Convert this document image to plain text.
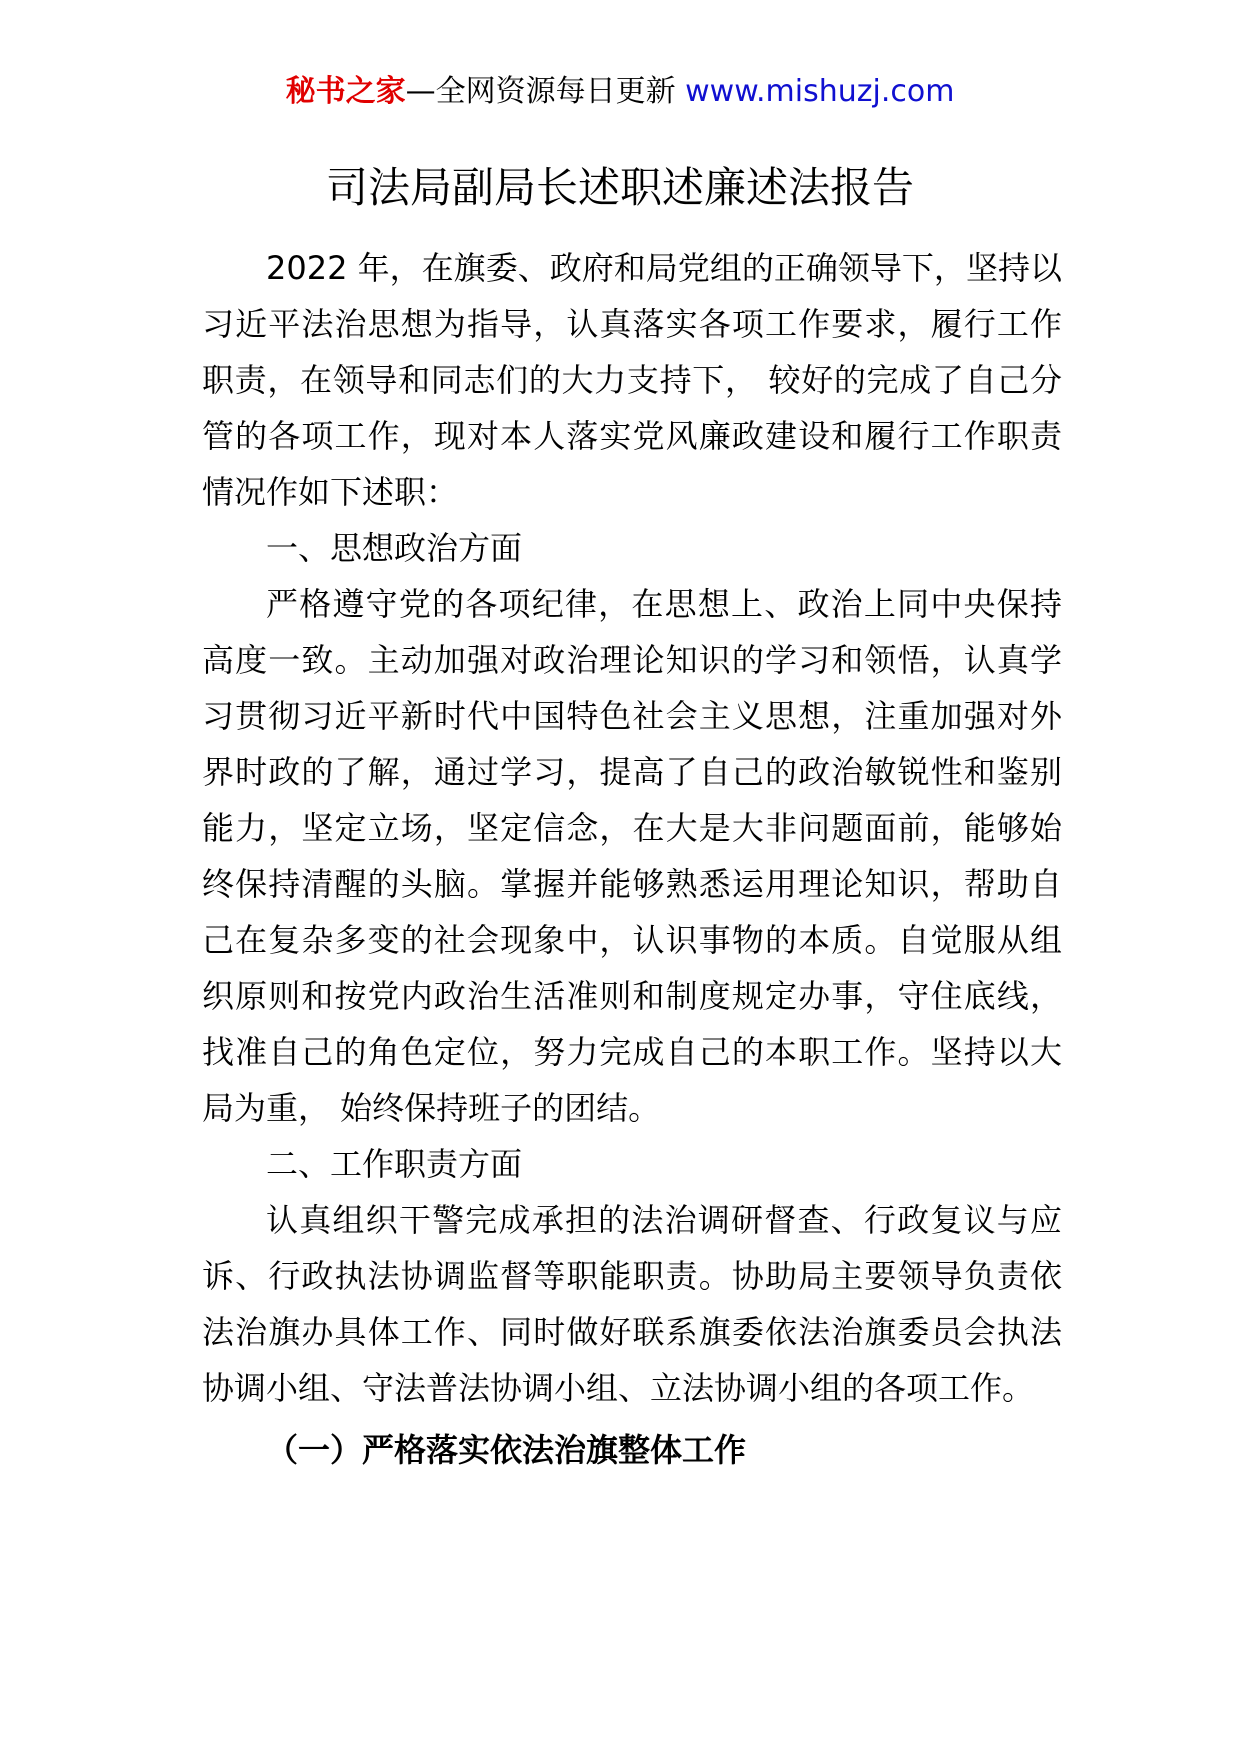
秘书之家—全网资源每日更新 www.mishuzj.com
司法局副局长述职述廉述法报告

2022 年，在旗委、政府和局党组的正确领导下，坚持以习近平法治思想为指导，认真落实各项工作要求，履行工作职责，在领导和同志们的大力支持下， 较好的完成了自己分管的各项工作，现对本人落实党风廉政建设和履行工作职责情况作如下述职：

一、思想政治方面

严格遵守党的各项纪律，在思想上、政治上同中央保持高度一致。主动加强对政治理论知识的学习和领悟，认真学习贯彻习近平新时代中国特色社会主义思想，注重加强对外界时政的了解，通过学习，提高了自己的政治敏锐性和鉴别能力，坚定立场，坚定信念，在大是大非问题面前，能够始终保持清醒的头脑。掌握并能够熟悉运用理论知识，帮助自己在复杂多变的社会现象中，认识事物的本质。自觉服从组织原则和按党内政治生活准则和制度规定办事，守住底线，找准自己的角色定位，努力完成自己的本职工作。坚持以大局为重， 始终保持班子的团结。

二、工作职责方面

认真组织干警完成承担的法治调研督查、行政复议与应诉、行政执法协调监督等职能职责。协助局主要领导负责依法治旗办具体工作、同时做好联系旗委依法治旗委员会执法协调小组、守法普法协调小组、立法协调小组的各项工作。

（一）严格落实依法治旗整体工作
